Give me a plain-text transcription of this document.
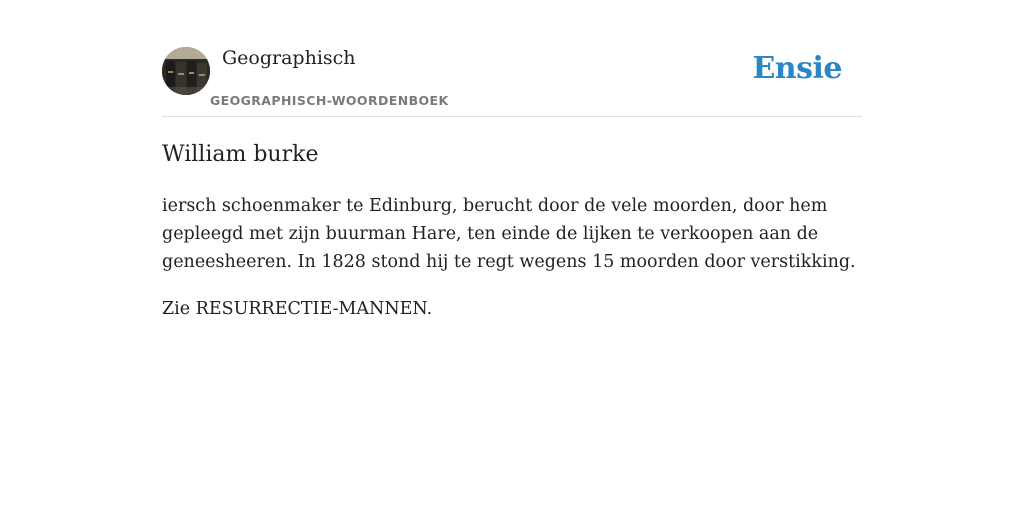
Geographisch
GEOGRAPHISCH-WOORDENBOEK
Ensie
William burke

iersch schoenmaker te Edinburg, berucht door de vele moorden, door hem gepleegd met zijn buurman Hare, ten einde de lijken te verkoopen aan de geneesheeren. In 1828 stond hij te regt wegens 15 moorden door verstikking.

Zie RESURRECTIE-MANNEN.
